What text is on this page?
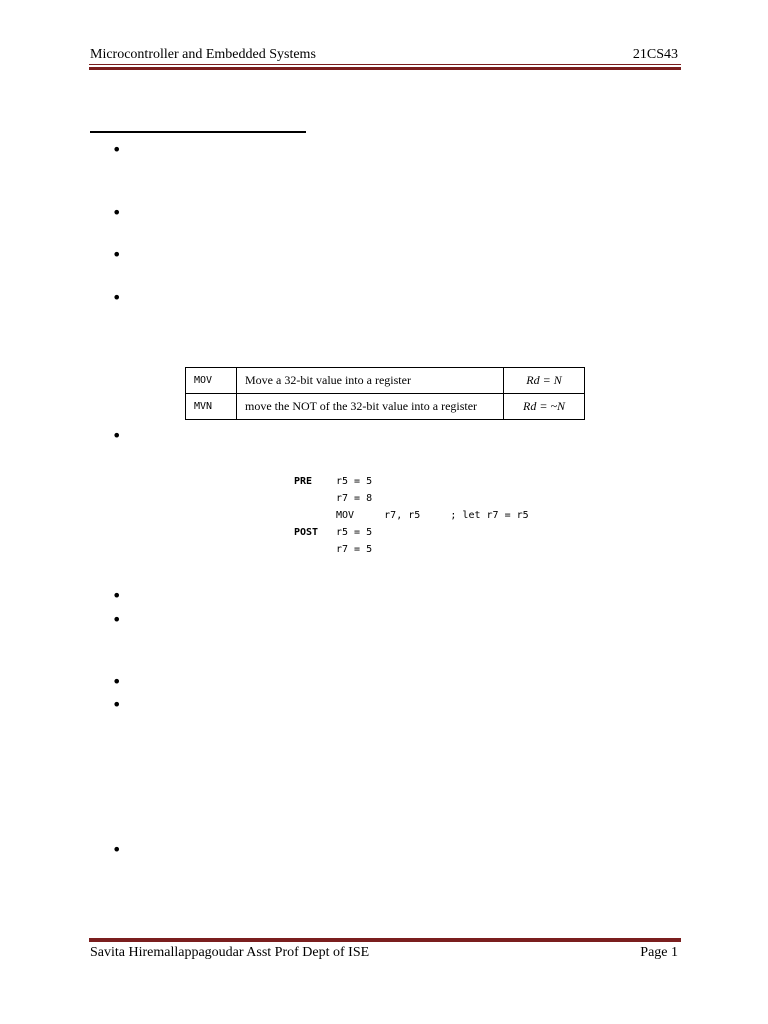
Microcontroller and Embedded Systems	21CS43
•
•
•
•
MOV	Move a 32-bit value into a register	Rd = N
MVN	move the NOT of the 32-bit value into a register	Rd = ~N
•
PRE	r5 = 5
r7 = 8
MOV     r7, r5     ; let r7 = r5
POST	r5 = 5
r7 = 5
•
•
•
•
•
Savita Hiremallappagoudar Asst Prof Dept of ISE	Page 1
